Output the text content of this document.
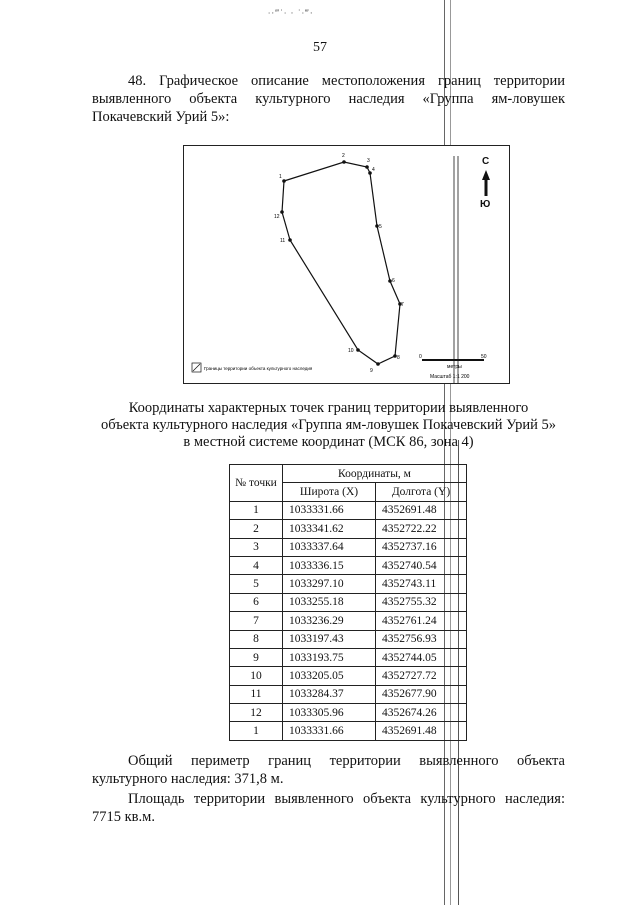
∙·‴˙∙ · ˙∙‴·
57

48. Графическое описание местоположения границ территории выявленного объекта культурного наследия «Группа ям-ловушек Покачевский Урий 5»:

1
2
3
4
5
6
7
8
9
10
11
12
С
Ю
0	50
метры
Масштаб 1:1 200
Границы территории объекта культурного наследия
Координаты характерных точек границ территории выявленного
объекта культурного наследия «Группа ям-ловушек Покачевский Урий 5»
в местной системе координат (МСК 86, зона 4)
№ точки	Координаты, м	
	Широта (X)	Долгота (Y)
1	1033331.66	4352691.48
2	1033341.62	4352722.22
3	1033337.64	4352737.16
4	1033336.15	4352740.54
5	1033297.10	4352743.11
6	1033255.18	4352755.32
7	1033236.29	4352761.24
8	1033197.43	4352756.93
9	1033193.75	4352744.05
10	1033205.05	4352727.72
11	1033284.37	4352677.90
12	1033305.96	4352674.26
1	1033331.66	4352691.48

Общий периметр границ территории выявленного объекта культурного наследия: 371,8 м.

Площадь территории выявленного объекта культурного наследия: 7715 кв.м.
